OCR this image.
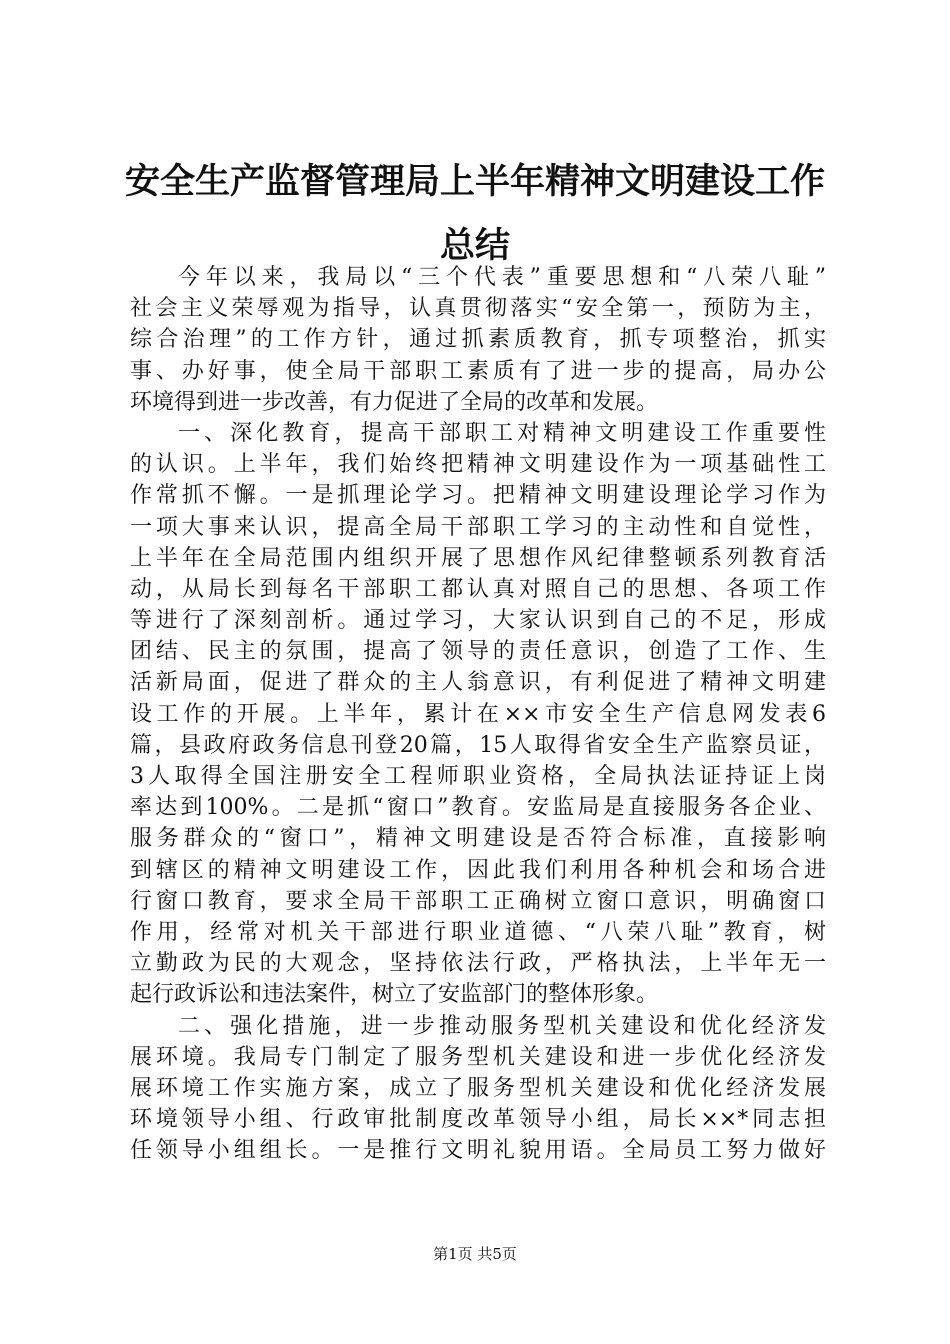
安全生产监督管理局上半年精神文明建设工作
总结
今年以来，我局以“三个代表”重要思想和“八荣八耻”
社会主义荣辱观为指导，认真贯彻落实“安全第一，预防为主，
综合治理”的工作方针，通过抓素质教育，抓专项整治，抓实
事、办好事，使全局干部职工素质有了进一步的提高，局办公
环境得到进一步改善，有力促进了全局的改革和发展。
一、深化教育，提高干部职工对精神文明建设工作重要性
的认识。上半年，我们始终把精神文明建设作为一项基础性工
作常抓不懈。一是抓理论学习。把精神文明建设理论学习作为
一项大事来认识，提高全局干部职工学习的主动性和自觉性，
上半年在全局范围内组织开展了思想作风纪律整顿系列教育活
动，从局长到每名干部职工都认真对照自己的思想、各项工作
等进行了深刻剖析。通过学习，大家认识到自己的不足，形成
团结、民主的氛围，提高了领导的责任意识，创造了工作、生
活新局面，促进了群众的主人翁意识，有利促进了精神文明建
设工作的开展。上半年，累计在××市安全生产信息网发表6
篇，县政府政务信息刊登20篇，15人取得省安全生产监察员证，
3人取得全国注册安全工程师职业资格，全局执法证持证上岗
率达到100%。二是抓“窗口”教育。安监局是直接服务各企业、
服务群众的“窗口”，精神文明建设是否符合标准，直接影响
到辖区的精神文明建设工作，因此我们利用各种机会和场合进
行窗口教育，要求全局干部职工正确树立窗口意识，明确窗口
作用，经常对机关干部进行职业道德、“八荣八耻”教育，树
立勤政为民的大观念，坚持依法行政，严格执法，上半年无一
起行政诉讼和违法案件，树立了安监部门的整体形象。
二、强化措施，进一步推动服务型机关建设和优化经济发
展环境。我局专门制定了服务型机关建设和进一步优化经济发
展环境工作实施方案，成立了服务型机关建设和优化经济发展
环境领导小组、行政审批制度改革领导小组，局长××*同志担
任领导小组组长。一是推行文明礼貌用语。全局员工努力做好
第1页 共5页
